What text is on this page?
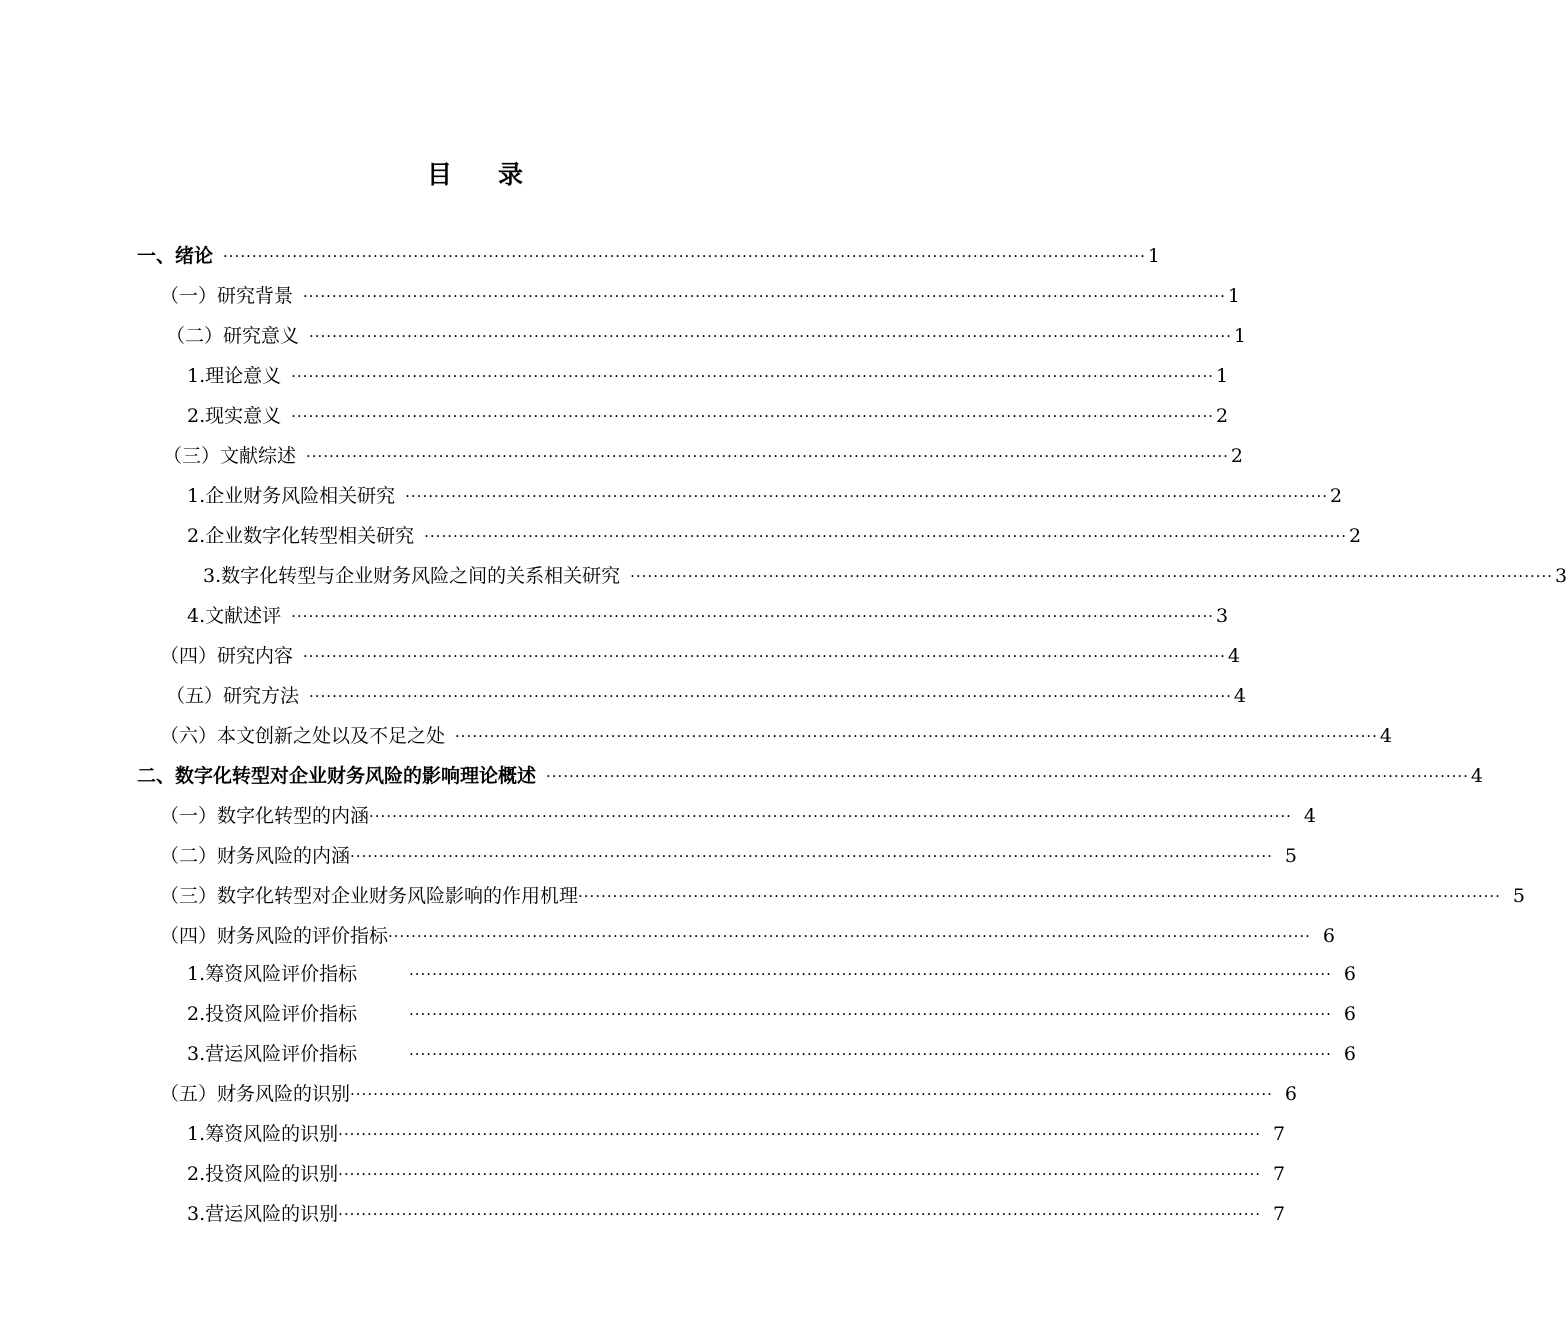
目 录
一、绪论 ································································································································································ 1
（一）研究背景 ································································································································································ 1
（二）研究意义 ································································································································································ 1
1.理论意义 ································································································································································ 1
2.现实意义 ································································································································································ 2
（三）文献综述 ································································································································································ 2
1.企业财务风险相关研究 ································································································································································ 2
2.企业数字化转型相关研究 ································································································································································ 2
3.数字化转型与企业财务风险之间的关系相关研究 ································································································································································ 3
4.文献述评 ································································································································································ 3
（四）研究内容 ································································································································································ 4
（五）研究方法 ································································································································································ 4
（六）本文创新之处以及不足之处 ································································································································································ 4
二、数字化转型对企业财务风险的影响理论概述 ································································································································································ 4
（一）数字化转型的内涵 ································································································································································ 4
（二）财务风险的内涵 ································································································································································ 5
（三）数字化转型对企业财务风险影响的作用机理 ································································································································································ 5
（四）财务风险的评价指标 ································································································································································ 6
1.筹资风险评价指标	································································································································································ 6
2.投资风险评价指标	································································································································································ 6
3.营运风险评价指标	································································································································································ 6
（五）财务风险的识别 ································································································································································ 6
1.筹资风险的识别 ································································································································································ 7
2.投资风险的识别 ································································································································································ 7
3.营运风险的识别 ································································································································································ 7
